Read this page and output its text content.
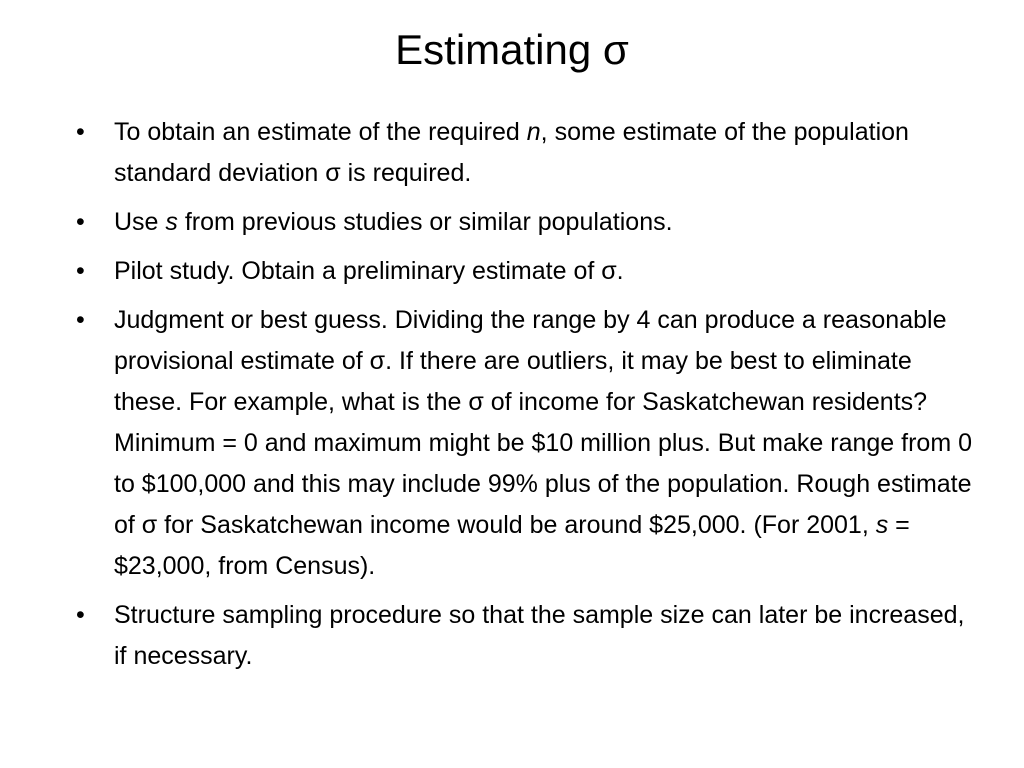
Estimating σ
•	To obtain an estimate of the required n, some estimate of the population standard deviation σ is required.
•	Use s from previous studies or similar populations.
•	Pilot study. Obtain a preliminary estimate of σ.
•	Judgment or best guess. Dividing the range by 4 can produce a reasonable provisional estimate of σ. If there are outliers, it may be best to eliminate these. For example, what is the σ of income for Saskatchewan residents? Minimum = 0 and maximum might be $10 million plus. But make range from 0 to $100,000 and this may include 99% plus of the population. Rough estimate of σ for Saskatchewan income would be around $25,000. (For 2001, s = $23,000, from Census).
•	Structure sampling procedure so that the sample size can later be increased, if necessary.
